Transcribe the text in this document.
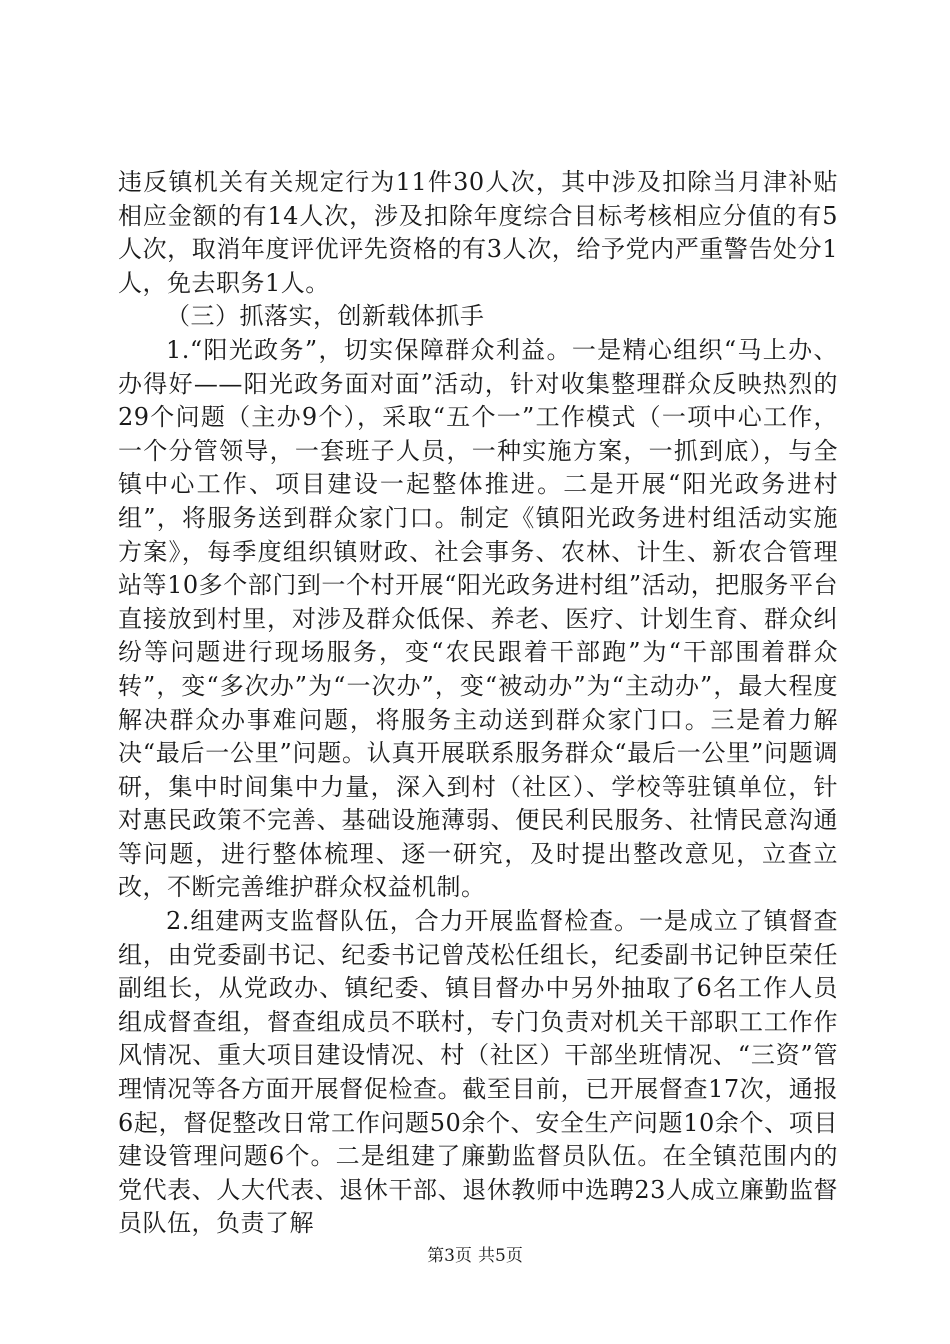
违反镇机关有关规定行为11件30人次，其中涉及扣除当月津补贴相应金额的有14人次，涉及扣除年度综合目标考核相应分值的有5人次，取消年度评优评先资格的有3人次，给予党内严重警告处分1人，免去职务1人。

（三）抓落实，创新载体抓手

1.“阳光政务”，切实保障群众利益。一是精心组织“马上办、办得好——阳光政务面对面”活动，针对收集整理群众反映热烈的29个问题（主办9个），采取“五个一”工作模式（一项中心工作，一个分管领导，一套班子人员，一种实施方案，一抓到底），与全镇中心工作、项目建设一起整体推进。二是开展“阳光政务进村组”，将服务送到群众家门口。制定《镇阳光政务进村组活动实施方案》，每季度组织镇财政、社会事务、农林、计生、新农合管理站等10多个部门到一个村开展“阳光政务进村组”活动，把服务平台直接放到村里，对涉及群众低保、养老、医疗、计划生育、群众纠纷等问题进行现场服务，变“农民跟着干部跑”为“干部围着群众转”，变“多次办”为“一次办”，变“被动办”为“主动办”，最大程度解决群众办事难问题，将服务主动送到群众家门口。三是着力解决“最后一公里”问题。认真开展联系服务群众“最后一公里”问题调研，集中时间集中力量，深入到村（社区）、学校等驻镇单位，针对惠民政策不完善、基础设施薄弱、便民利民服务、社情民意沟通等问题，进行整体梳理、逐一研究，及时提出整改意见，立查立改，不断完善维护群众权益机制。

2.组建两支监督队伍，合力开展监督检查。一是成立了镇督查组，由党委副书记、纪委书记曾茂松任组长，纪委副书记钟臣荣任副组长，从党政办、镇纪委、镇目督办中另外抽取了6名工作人员组成督查组，督查组成员不联村，专门负责对机关干部职工工作作风情况、重大项目建设情况、村（社区）干部坐班情况、“三资”管理情况等各方面开展督促检查。截至目前，已开展督查17次，通报6起，督促整改日常工作问题50余个、安全生产问题10余个、项目建设管理问题6个。二是组建了廉勤监督员队伍。在全镇范围内的党代表、人大代表、退休干部、退休教师中选聘23人成立廉勤监督员队伍，负责了解

第3页 共5页
